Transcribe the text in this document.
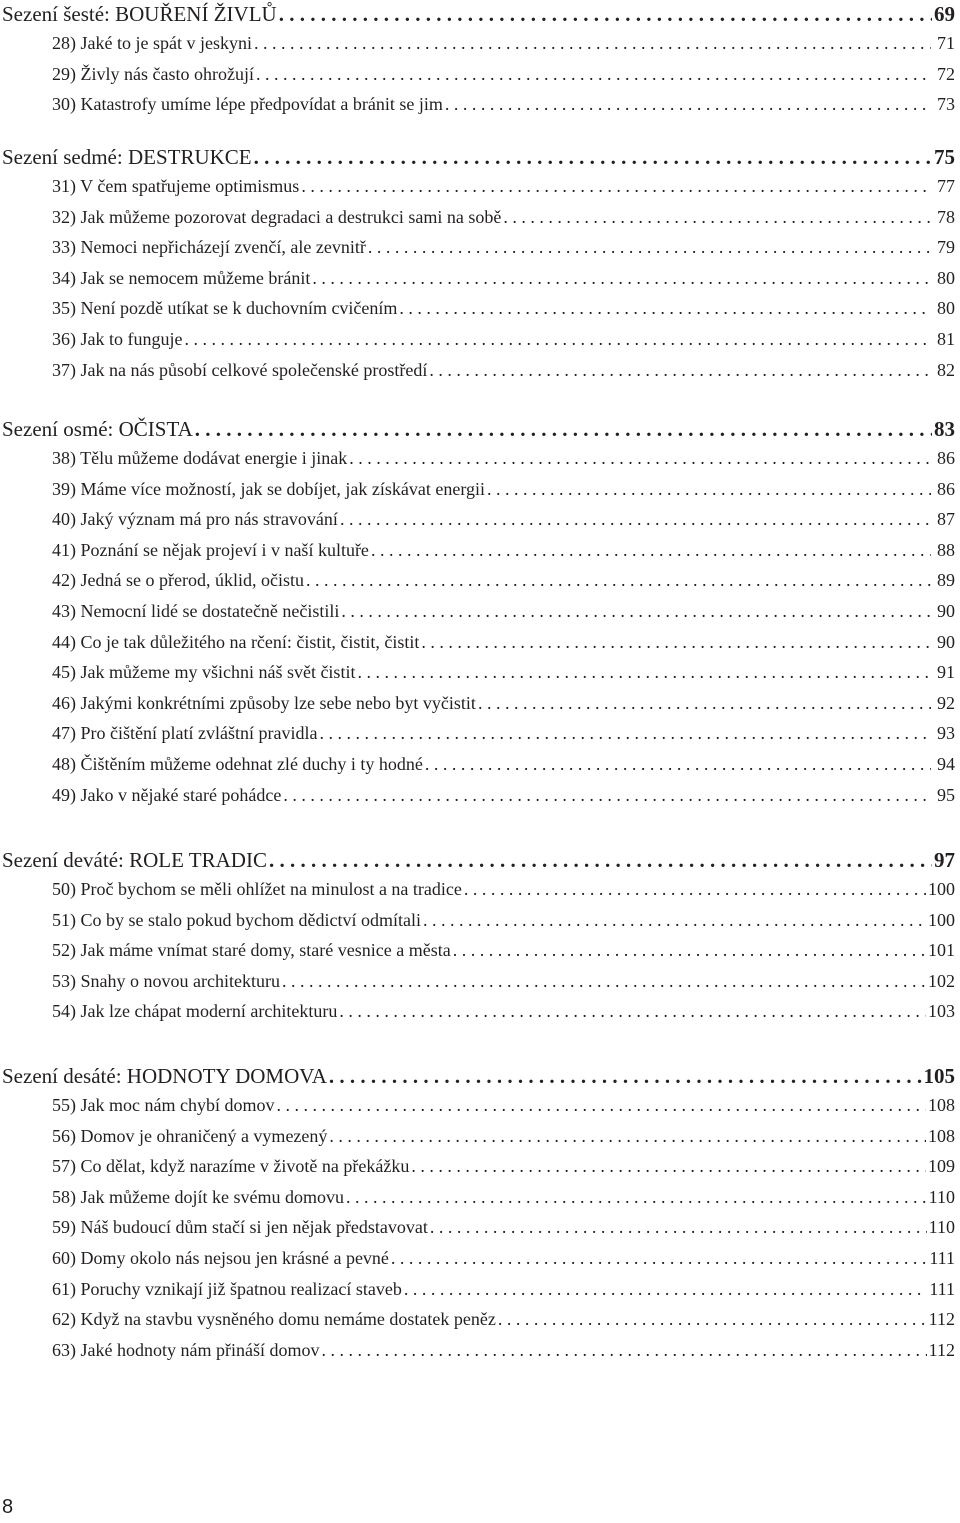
Sezení šesté: BOUŘENÍ ŽIVLŮ . . .	69
28) Jaké to je spát v jeskyni . . .	71
29) Živly nás často ohrožují . . .	72
30) Katastrofy umíme lépe předpovídat a bránit se jim . . .	73
Sezení sedmé: DESTRUKCE . . .	75
31) V čem spatřujeme optimismus . . .	77
32) Jak můžeme pozorovat degradaci a destrukci sami na sobě . . .	78
33) Nemoci nepřicházejí zvenčí, ale zevnitř . . .	79
34) Jak se nemocem můžeme bránit . . .	80
35) Není pozdě utíkat se k duchovním cvičením . . .	80
36) Jak to funguje . . .	81
37) Jak na nás působí celkové společenské prostředí . . .	82
Sezení osmé: OČISTA . . .	83
38) Tělu můžeme dodávat energie i jinak . . .	86
39) Máme více možností, jak se dobíjet, jak získávat energii . . .	86
40) Jaký význam má pro nás stravování . . .	87
41) Poznání se nějak projeví i v naší kultuře . . .	88
42) Jedná se o přerod, úklid, očistu . . .	89
43) Nemocní lidé se dostatečně nečistili . . .	90
44) Co je tak důležitého na rčení: čistit, čistit, čistit . . .	90
45) Jak můžeme my všichni náš svět čistit . . .	91
46) Jakými konkrétními způsoby lze sebe nebo byt vyčistit . . .	92
47) Pro čištění platí zvláštní pravidla . . .	93
48) Čištěním můžeme odehnat zlé duchy i ty hodné . . .	94
49) Jako v nějaké staré pohádce . . .	95
Sezení deváté: ROLE TRADIC . . .	97
50) Proč bychom se měli ohlížet na minulost a na tradice . . .	100
51) Co by se stalo pokud bychom dědictví odmítali . . .	100
52) Jak máme vnímat staré domy, staré vesnice a města . . .	101
53) Snahy o novou architekturu . . .	102
54) Jak lze chápat moderní architekturu . . .	103
Sezení desáté: HODNOTY DOMOVA . . .	105
55) Jak moc nám chybí domov . . .	108
56) Domov je ohraničený a vymezený . . .	108
57) Co dělat, když narazíme v životě na překážku . . .	109
58) Jak můžeme dojít ke svému domovu . . .	110
59) Náš budoucí dům stačí si jen nějak představovat . . .	110
60) Domy okolo nás nejsou jen krásné a pevné . . .	111
61) Poruchy vznikají již špatnou realizací staveb . . .	111
62) Když na stavbu vysněného domu nemáme dostatek peněz . . .	112
63) Jaké hodnoty nám přináší domov . . .	112
8
